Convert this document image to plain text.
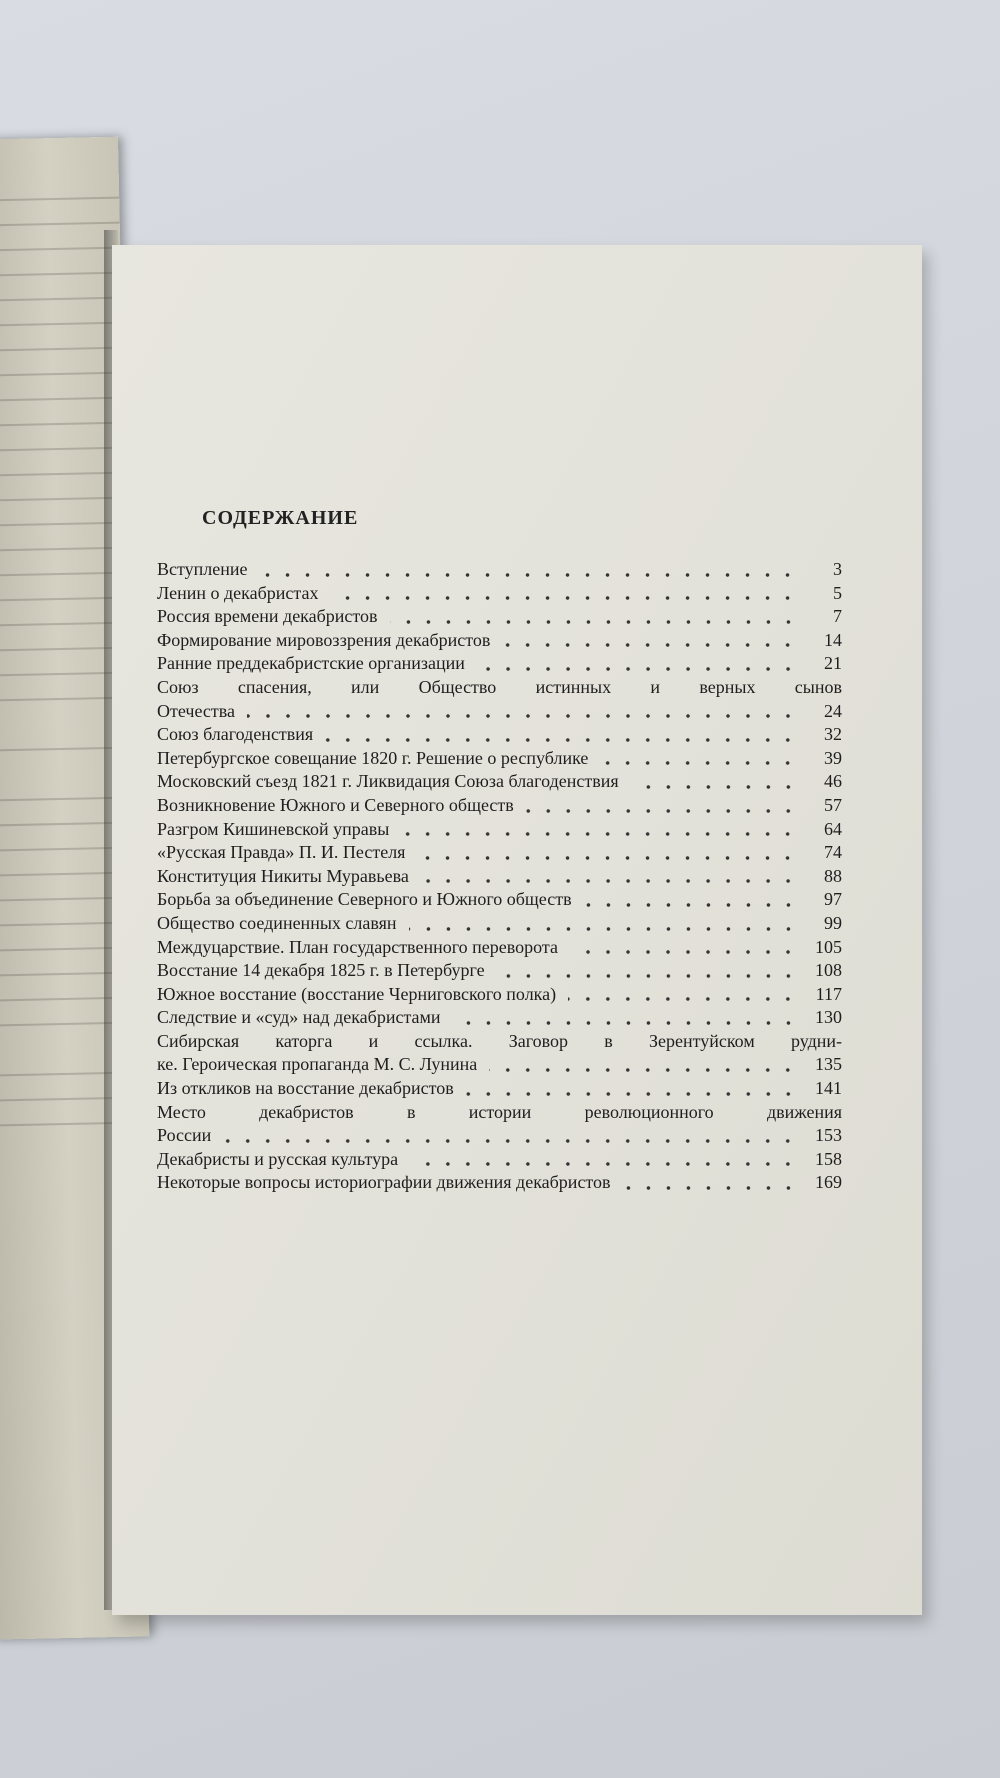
СОДЕРЖАНИЕ
Вступление	3
Ленин о декабристах	5
Россия времени декабристов	7
Формирование мировоззрения декабристов	14
Ранние преддекабристские организации	21
Союз спасения, или Общество истинных и верных сынов
Отечества	24
Союз благоденствия	32
Петербургское совещание 1820 г. Решение о республике	39
Московский съезд 1821 г. Ликвидация Союза благоденствия	46
Возникновение Южного и Северного обществ	57
Разгром Кишиневской управы	64
«Русская Правда» П. И. Пестеля	74
Конституция Никиты Муравьева	88
Борьба за объединение Северного и Южного обществ	97
Общество соединенных славян	99
Междуцарствие. План государственного переворота	105
Восстание 14 декабря 1825 г. в Петербурге	108
Южное восстание (восстание Черниговского полка)	117
Следствие и «суд» над декабристами	130
Сибирская каторга и ссылка. Заговор в Зерентуйском рудни-
ке. Героическая пропаганда М. С. Лунина	135
Из откликов на восстание декабристов	141
Место декабристов в истории революционного движения
России	153
Декабристы и русская культура	158
Некоторые вопросы историографии движения декабристов	169
